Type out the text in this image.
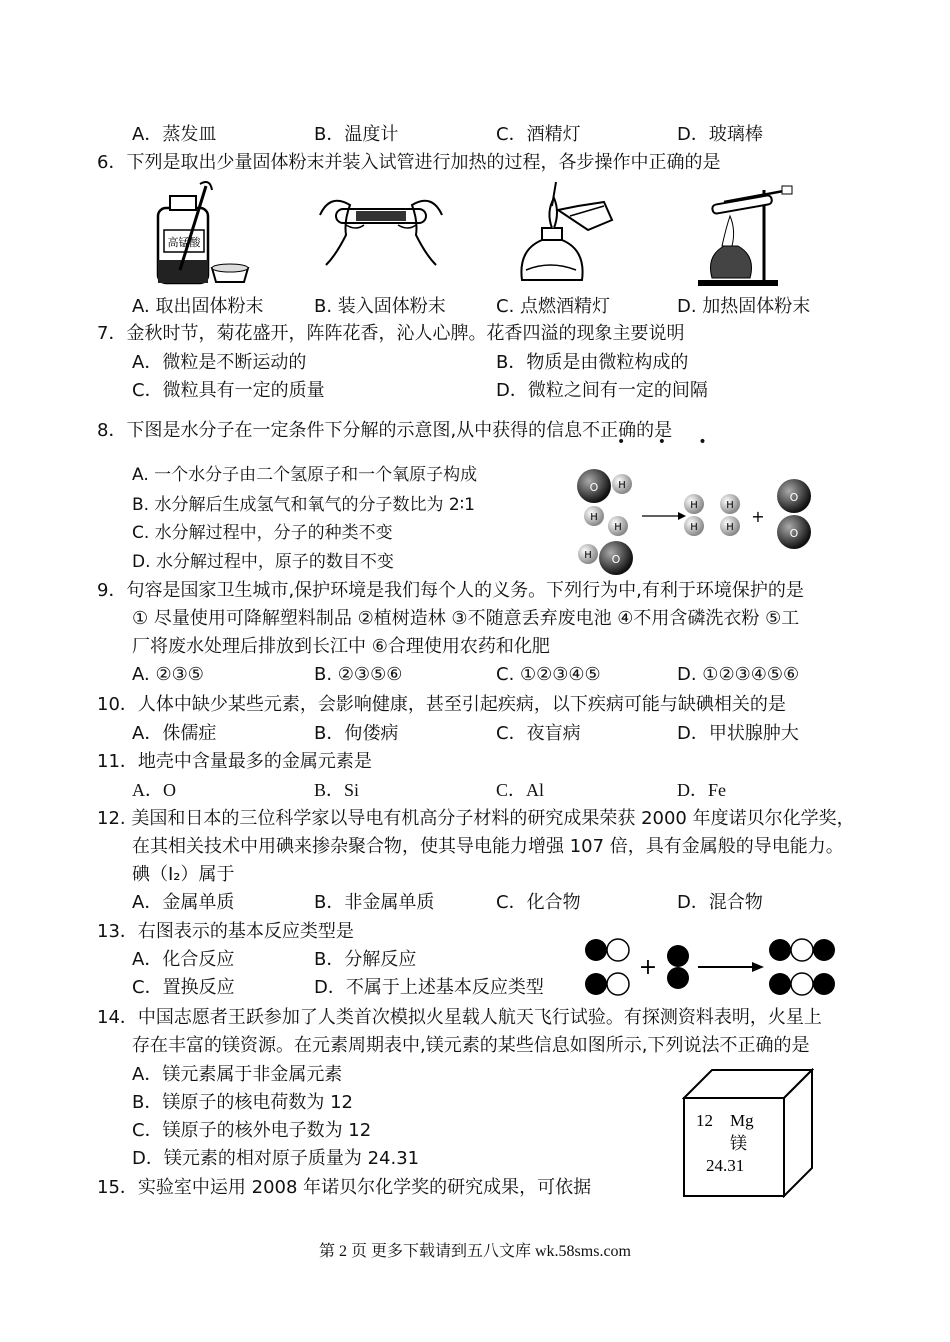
A．蒸发皿	B．温度计	C．酒精灯	D．玻璃棒
6．下列是取出少量固体粉末并装入试管进行加热的过程，各步操作中正确的是
高锰酸
A. 取出固体粉末	B. 装入固体粉末	C. 点燃酒精灯	D. 加热固体粉末
7．金秋时节，菊花盛开，阵阵花香，沁人心脾。花香四溢的现象主要说明
A．微粒是不断运动的	B．物质是由微粒构成的
C．微粒具有一定的质量	D．微粒之间有一定的间隔
8．下图是水分子在一定条件下分解的示意图,从中获得的信息不正确的是
• • •
A. 一个水分子由二个氢原子和一个氧原子构成
B. 水分解后生成氢气和氧气的分子数比为 2∶1
C. 水分解过程中，分子的种类不变
D. 水分解过程中，原子的数目不变
O H
H
H
O
H
H
H
H
H
+
O
O
9．句容是国家卫生城市,保护环境是我们每个人的义务。下列行为中,有利于环境保护的是
① 尽量使用可降解塑料制品 ②植树造林 ③不随意丢弃废电池 ④不用含磷洗衣粉 ⑤工
厂将废水处理后排放到长江中 ⑥合理使用农药和化肥
A. ②③⑤	B. ②③⑤⑥	C. ①②③④⑤	D. ①②③④⑤⑥
10．人体中缺少某些元素，会影响健康，甚至引起疾病，以下疾病可能与缺碘相关的是
A．侏儒症	B．佝偻病	C．夜盲病	D．甲状腺肿大
11．地壳中含量最多的金属元素是
A．O	B．Si	C．Al	D．Fe
12. 美国和日本的三位科学家以导电有机高分子材料的研究成果荣获 2000 年度诺贝尔化学奖，
在其相关技术中用碘来掺杂聚合物，使其导电能力增强 107 倍，具有金属般的导电能力。
碘（I₂）属于
A．金属单质	B．非金属单质	C．化合物	D．混合物
13．右图表示的基本反应类型是
A．化合反应	B．分解反应
C．置换反应	D．不属于上述基本反应类型
+
14．中国志愿者王跃参加了人类首次模拟火星载人航天飞行试验。有探测资料表明，火星上
存在丰富的镁资源。在元素周期表中,镁元素的某些信息如图所示,下列说法不正确的是
A．镁元素属于非金属元素
B．镁原子的核电荷数为 12
C．镁原子的核外电子数为 12
D．镁元素的相对原子质量为 24.31
12 Mg
镁
24.31
15．实验室中运用 2008 年诺贝尔化学奖的研究成果，可依据
第 2 页 更多下载请到五八文库 wk.58sms.com
